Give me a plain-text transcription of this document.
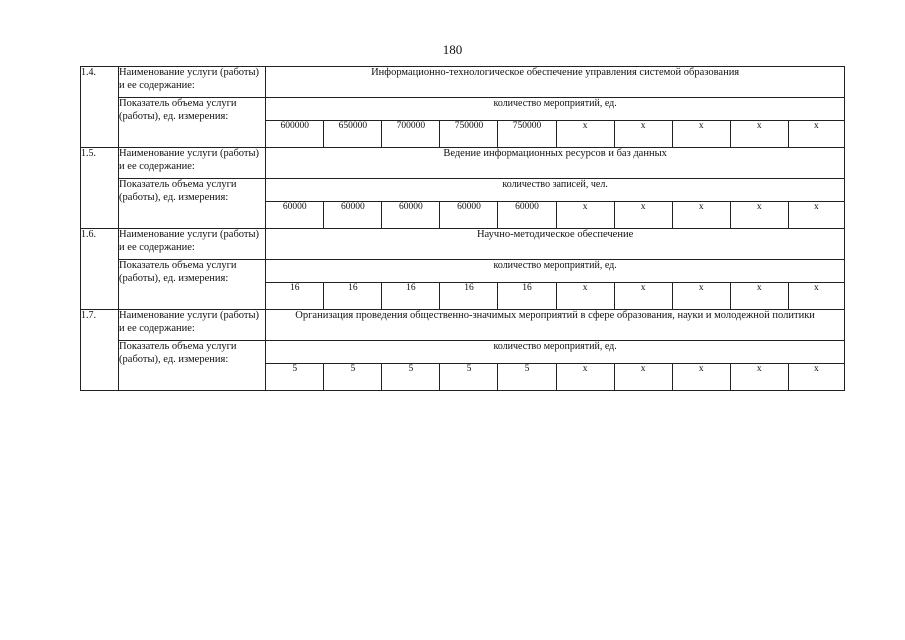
180
1.4.	Наименование услуги (работы) и ее содержание:	Информационно-технологическое обеспечение управления системой образования									
	Показатель объема услуги (работы), ед. измерения:	количество мероприятий, ед.									
		600000	650000	700000	750000	750000	x	x	x	x	x
1.5.	Наименование услуги (работы) и ее содержание:	Ведение информационных ресурсов и баз данных									
	Показатель объема услуги (работы), ед. измерения:	количество записей, чел.									
		60000	60000	60000	60000	60000	x	x	x	x	x
1.6.	Наименование услуги (работы) и ее содержание:	Научно-методическое обеспечение									
	Показатель объема услуги (работы), ед. измерения:	количество мероприятий, ед.									
		16	16	16	16	16	x	x	x	x	x
1.7.	Наименование услуги (работы) и ее содержание:	Организация проведения общественно-значимых мероприятий в сфере образования, науки и молодежной политики									
	Показатель объема услуги (работы), ед. измерения:	количество мероприятий, ед.									
		5	5	5	5	5	x	x	x	x	x
